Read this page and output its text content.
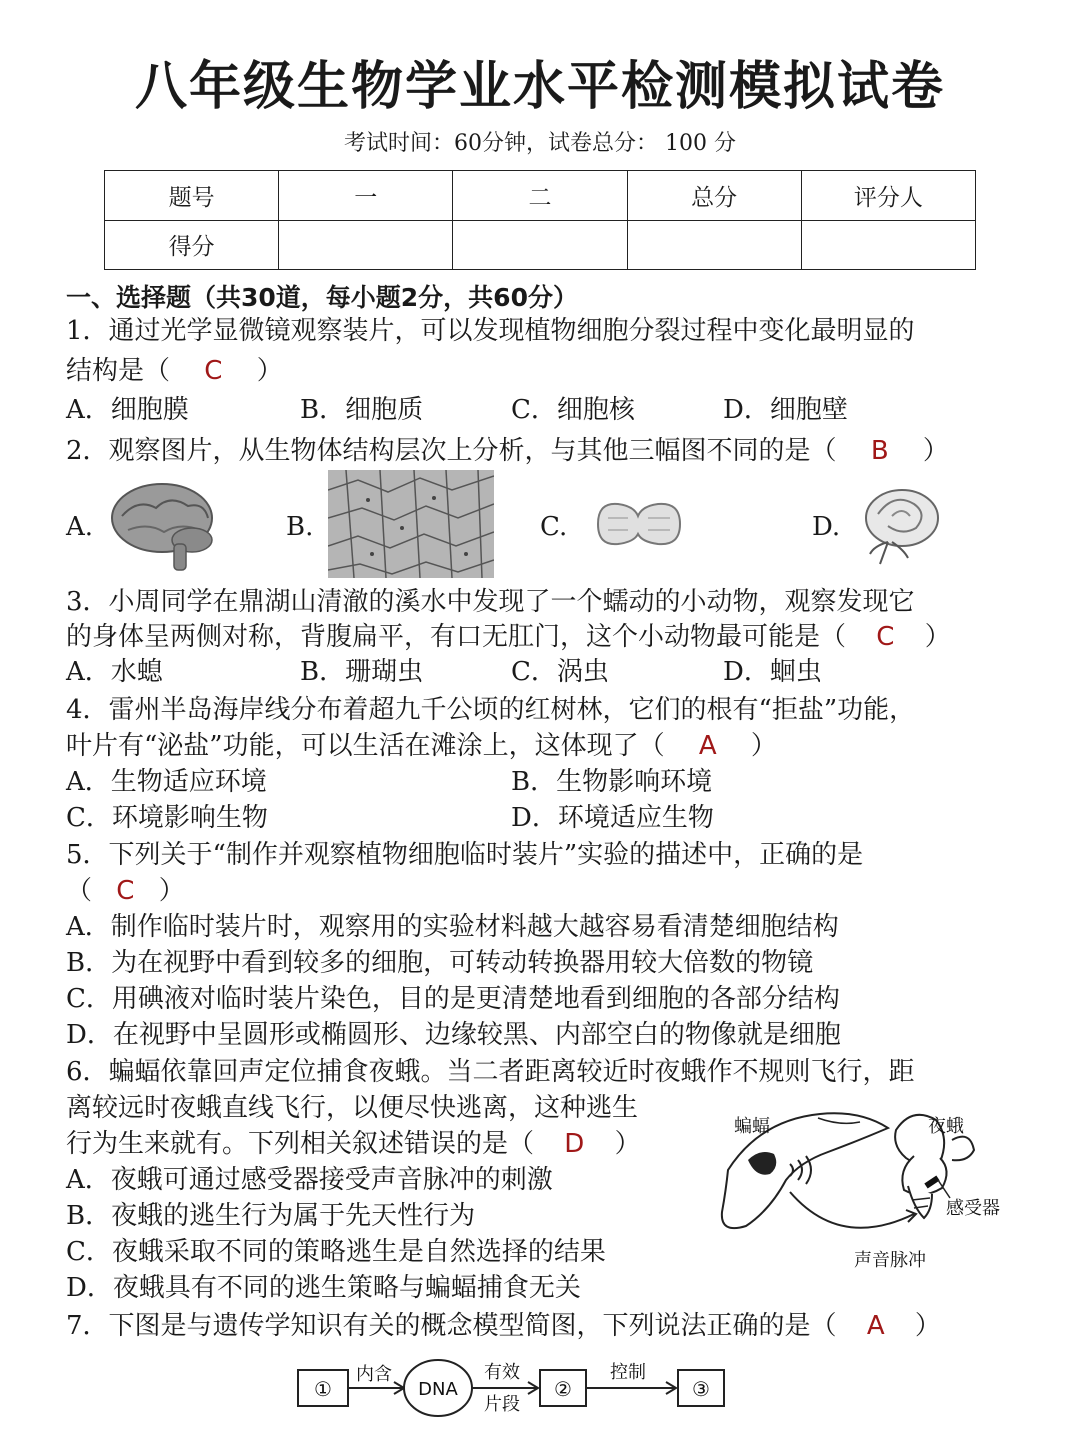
八年级生物学业水平检测模拟试卷
考试时间：60分钟，试卷总分： 100 分
题号	一	二	总分	评分人
得分				
一、选择题（共30道，每小题2分，共60分）
1．通过光学显微镜观察装片，可以发现植物细胞分裂过程中变化最明显的
结构是（ C ）
A．细胞膜	B．细胞质	C．细胞核	D．细胞壁
2．观察图片，从生物体结构层次上分析，与其他三幅图不同的是（ B ）
A.	B.	C.	D.
3．小周同学在鼎湖山清澈的溪水中发现了一个蠕动的小动物，观察发现它
的身体呈两侧对称，背腹扁平，有口无肛门，这个小动物最可能是（ C ）
A．水螅	B．珊瑚虫	C．涡虫	D．蛔虫
4．雷州半岛海岸线分布着超九千公顷的红树林，它们的根有“拒盐”功能，
叶片有“泌盐”功能，可以生活在滩涂上，这体现了（ A ）
A．生物适应环境	B．生物影响环境
C．环境影响生物	D．环境适应生物
5．下列关于“制作并观察植物细胞临时装片”实验的描述中，正确的是
（ C ）
A．制作临时装片时，观察用的实验材料越大越容易看清楚细胞结构
B．为在视野中看到较多的细胞，可转动转换器用较大倍数的物镜
C．用碘液对临时装片染色，目的是更清楚地看到细胞的各部分结构
D．在视野中呈圆形或椭圆形、边缘较黑、内部空白的物像就是细胞
6．蝙蝠依靠回声定位捕食夜蛾。当二者距离较近时夜蛾作不规则飞行，距
离较远时夜蛾直线飞行，以便尽快逃离，这种逃生
行为生来就有。下列相关叙述错误的是（ D ）
A．夜蛾可通过感受器接受声音脉冲的刺激
B．夜蛾的逃生行为属于先天性行为
C．夜蛾采取不同的策略逃生是自然选择的结果
D．夜蛾具有不同的逃生策略与蝙蝠捕食无关
蝙蝠	夜蛾
感受器
声音脉冲
7．下图是与遗传学知识有关的概念模型简图，下列说法正确的是（ A ）
①
内含
DNA
有效
片段
②
控制
③
